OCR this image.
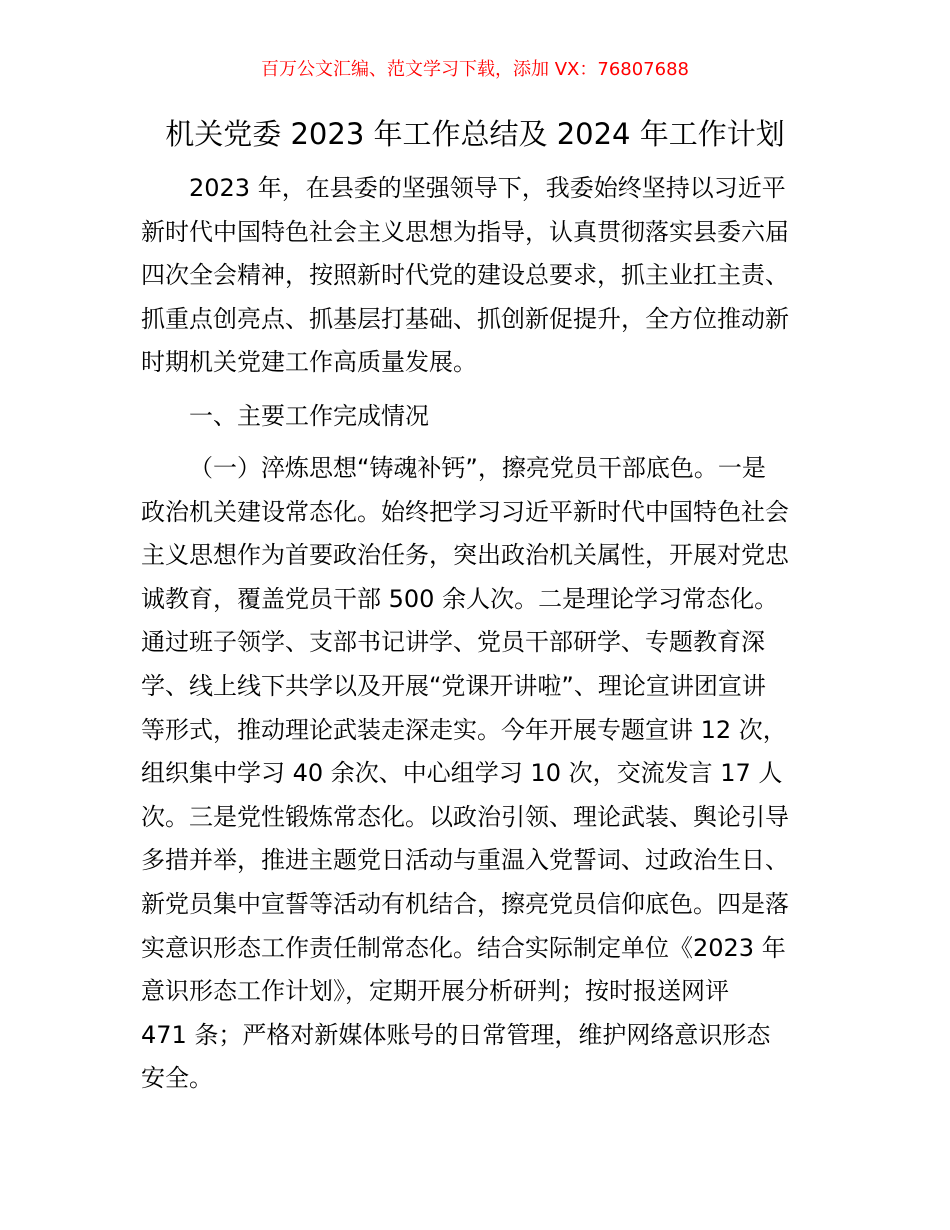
百万公文汇编、范文学习下载，添加 VX：76807688
机关党委 2023 年工作总结及 2024 年工作计划
2023 年，在县委的坚强领导下，我委始终坚持以习近平
新时代中国特色社会主义思想为指导，认真贯彻落实县委六届
四次全会精神，按照新时代党的建设总要求，抓主业扛主责、
抓重点创亮点、抓基层打基础、抓创新促提升，全方位推动新
时期机关党建工作高质量发展。
一、主要工作完成情况
（一）淬炼思想“铸魂补钙”，擦亮党员干部底色。一是
政治机关建设常态化。始终把学习习近平新时代中国特色社会
主义思想作为首要政治任务，突出政治机关属性，开展对党忠
诚教育，覆盖党员干部 500 余人次。二是理论学习常态化。
通过班子领学、支部书记讲学、党员干部研学、专题教育深
学、线上线下共学以及开展“党课开讲啦”、理论宣讲团宣讲
等形式，推动理论武装走深走实。今年开展专题宣讲 12 次，
组织集中学习 40 余次、中心组学习 10 次，交流发言 17 人
次。三是党性锻炼常态化。以政治引领、理论武装、舆论引导
多措并举，推进主题党日活动与重温入党誓词、过政治生日、
新党员集中宣誓等活动有机结合，擦亮党员信仰底色。四是落
实意识形态工作责任制常态化。结合实际制定单位《2023 年
意识形态工作计划》，定期开展分析研判；按时报送网评
471 条；严格对新媒体账号的日常管理，维护网络意识形态
安全。
